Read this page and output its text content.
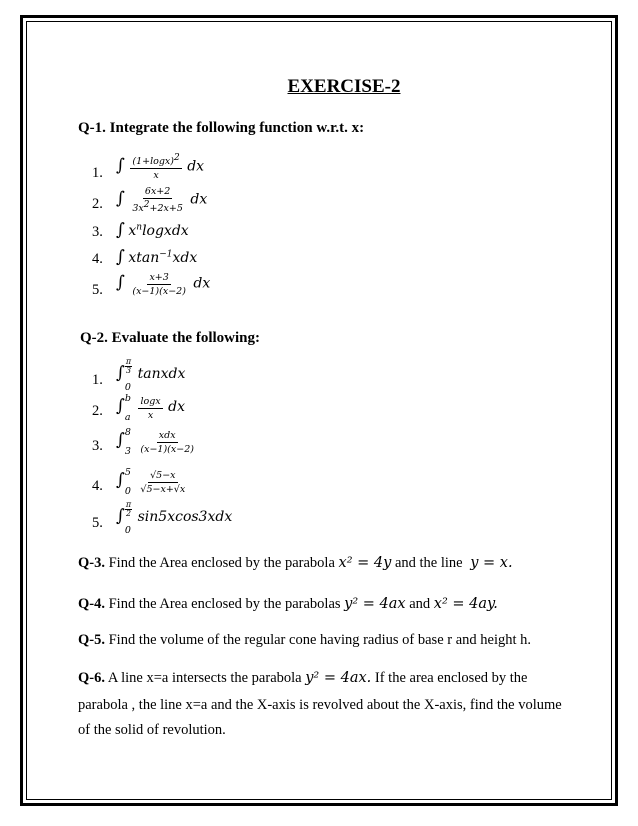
EXERCISE-2
Q-1. Integrate the following function w.r.t. x:
1. ∫ $\frac{(1+\log x)^2}{x}$ dx
2. ∫ $\frac{6x+2}{3x^2+2x+5}$ dx
3. ∫ $x^nlogxdx$
4. ∫ xtan$^{-1}$xdx
5. ∫ $\frac{x+3}{(x-1)(x-2)}$ dx
Q-2. Evaluate the following:
1. ∫
π
3
0
tanxdx
2. ∫ b
a
$\frac{\log x}{x}$ dx
3. ∫ 8
3
$\frac{\text{xdx}}{(x-1)(x-2)}$
4. ∫ 5
0
$\frac{√5-x}{√5-x+√x}$
5. ∫
π
2
0
sin5xcos3xdx
Q-3. Find the Area enclosed by the parabola x² = 4y and the line y = x.
Q-4. Find the Area enclosed by the parabolas y² = 4ax and x² = 4ay.
Q-5. Find the volume of the regular cone having radius of base r and height h.
Q-6. A line x=a intersects the parabola y² = 4ax. If the area enclosed by the
parabola , the line x=a and the X-axis is revolved about the X-axis, find the volume
of the solid of revolution.
